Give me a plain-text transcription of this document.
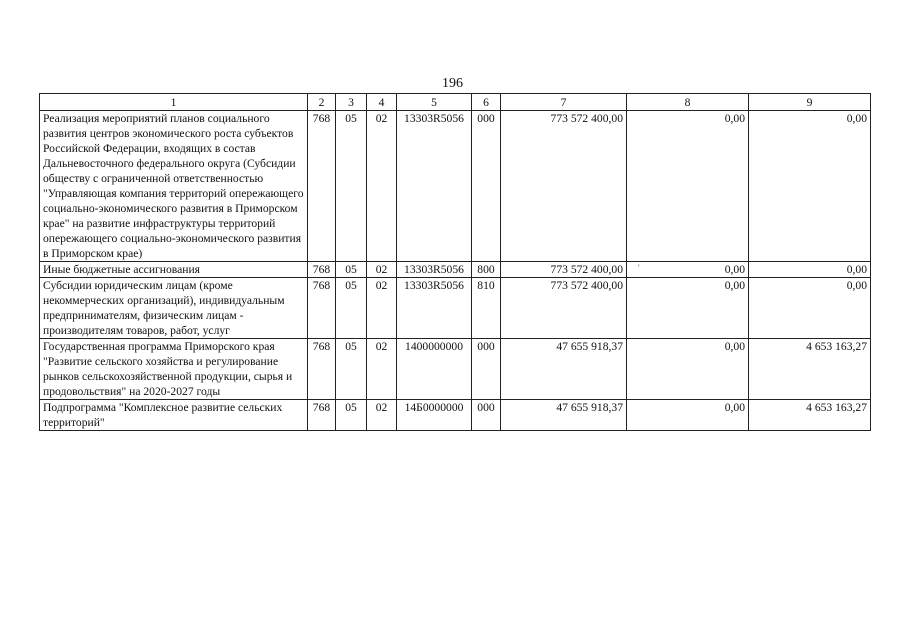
196
1	2	3	4	5	6	7	8	9
Реализация мероприятий планов социального развития центров экономического роста субъектов Российской Федерации, входящих в состав Дальневосточного федерального округа (Субсидии обществу с ограниченной ответственностью "Управляющая компания территорий опережающего социально-экономического развития в Приморском крае" на развитие инфраструктуры территорий опережающего социально-экономического развития в Приморском крае)	768	05	02	13303R5056	000	773 572 400,00	0,00	0,00
Иные бюджетные ассигнования	768	05	02	13303R5056	800	773 572 400,00	0,00	0,00
Субсидии юридическим лицам (кроме некоммерческих организаций), индивидуальным предпринимателям, физическим лицам - производителям товаров, работ, услуг	768	05	02	13303R5056	810	773 572 400,00	0,00	0,00
Государственная программа Приморского края "Развитие сельского хозяйства и регулирование рынков сельскохозяйственной продукции, сырья и продовольствия" на 2020-2027 годы	768	05	02	1400000000	000	47 655 918,37	0,00	4 653 163,27
Подпрограмма "Комплексное развитие сельских территорий"	768	05	02	14Б0000000	000	47 655 918,37	0,00	4 653 163,27
'
